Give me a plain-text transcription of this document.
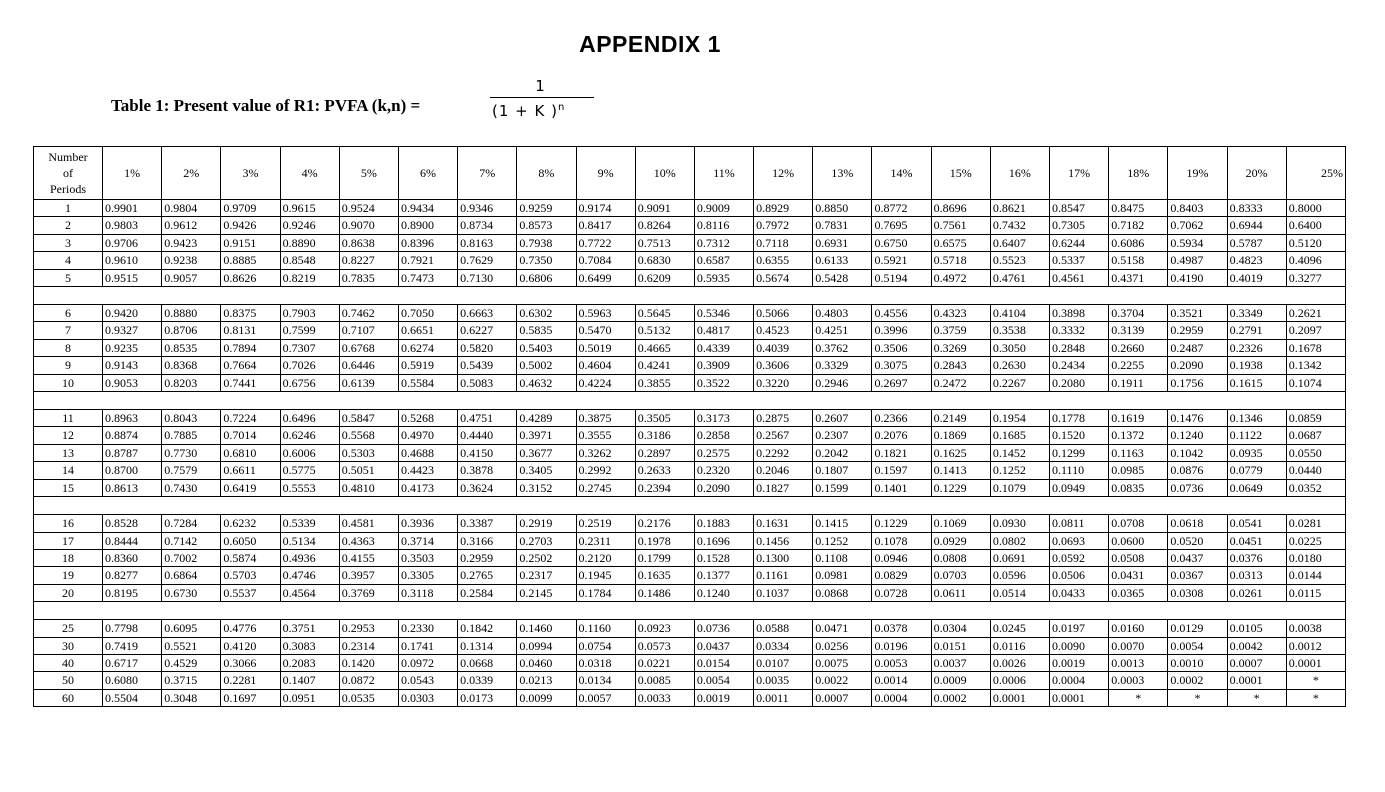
APPENDIX 1
Table 1: Present value of R1: PVFA (k,n) =
1
(1 + K )$^n$
Number
of
Periods	1%	2%	3%	4%	5%	6%	7%	8%	9%	10%	11%	12%	13%	14%	15%	16%	17%	18%	19%	20%	25%
1	0.9901	0.9804	0.9709	0.9615	0.9524	0.9434	0.9346	0.9259	0.9174	0.9091	0.9009	0.8929	0.8850	0.8772	0.8696	0.8621	0.8547	0.8475	0.8403	0.8333	0.8000
2	0.9803	0.9612	0.9426	0.9246	0.9070	0.8900	0.8734	0.8573	0.8417	0.8264	0.8116	0.7972	0.7831	0.7695	0.7561	0.7432	0.7305	0.7182	0.7062	0.6944	0.6400
3	0.9706	0.9423	0.9151	0.8890	0.8638	0.8396	0.8163	0.7938	0.7722	0.7513	0.7312	0.7118	0.6931	0.6750	0.6575	0.6407	0.6244	0.6086	0.5934	0.5787	0.5120
4	0.9610	0.9238	0.8885	0.8548	0.8227	0.7921	0.7629	0.7350	0.7084	0.6830	0.6587	0.6355	0.6133	0.5921	0.5718	0.5523	0.5337	0.5158	0.4987	0.4823	0.4096
5	0.9515	0.9057	0.8626	0.8219	0.7835	0.7473	0.7130	0.6806	0.6499	0.6209	0.5935	0.5674	0.5428	0.5194	0.4972	0.4761	0.4561	0.4371	0.4190	0.4019	0.3277

6	0.9420	0.8880	0.8375	0.7903	0.7462	0.7050	0.6663	0.6302	0.5963	0.5645	0.5346	0.5066	0.4803	0.4556	0.4323	0.4104	0.3898	0.3704	0.3521	0.3349	0.2621
7	0.9327	0.8706	0.8131	0.7599	0.7107	0.6651	0.6227	0.5835	0.5470	0.5132	0.4817	0.4523	0.4251	0.3996	0.3759	0.3538	0.3332	0.3139	0.2959	0.2791	0.2097
8	0.9235	0.8535	0.7894	0.7307	0.6768	0.6274	0.5820	0.5403	0.5019	0.4665	0.4339	0.4039	0.3762	0.3506	0.3269	0.3050	0.2848	0.2660	0.2487	0.2326	0.1678
9	0.9143	0.8368	0.7664	0.7026	0.6446	0.5919	0.5439	0.5002	0.4604	0.4241	0.3909	0.3606	0.3329	0.3075	0.2843	0.2630	0.2434	0.2255	0.2090	0.1938	0.1342
10	0.9053	0.8203	0.7441	0.6756	0.6139	0.5584	0.5083	0.4632	0.4224	0.3855	0.3522	0.3220	0.2946	0.2697	0.2472	0.2267	0.2080	0.1911	0.1756	0.1615	0.1074

11	0.8963	0.8043	0.7224	0.6496	0.5847	0.5268	0.4751	0.4289	0.3875	0.3505	0.3173	0.2875	0.2607	0.2366	0.2149	0.1954	0.1778	0.1619	0.1476	0.1346	0.0859
12	0.8874	0.7885	0.7014	0.6246	0.5568	0.4970	0.4440	0.3971	0.3555	0.3186	0.2858	0.2567	0.2307	0.2076	0.1869	0.1685	0.1520	0.1372	0.1240	0.1122	0.0687
13	0.8787	0.7730	0.6810	0.6006	0.5303	0.4688	0.4150	0.3677	0.3262	0.2897	0.2575	0.2292	0.2042	0.1821	0.1625	0.1452	0.1299	0.1163	0.1042	0.0935	0.0550
14	0.8700	0.7579	0.6611	0.5775	0.5051	0.4423	0.3878	0.3405	0.2992	0.2633	0.2320	0.2046	0.1807	0.1597	0.1413	0.1252	0.1110	0.0985	0.0876	0.0779	0.0440
15	0.8613	0.7430	0.6419	0.5553	0.4810	0.4173	0.3624	0.3152	0.2745	0.2394	0.2090	0.1827	0.1599	0.1401	0.1229	0.1079	0.0949	0.0835	0.0736	0.0649	0.0352

16	0.8528	0.7284	0.6232	0.5339	0.4581	0.3936	0.3387	0.2919	0.2519	0.2176	0.1883	0.1631	0.1415	0.1229	0.1069	0.0930	0.0811	0.0708	0.0618	0.0541	0.0281
17	0.8444	0.7142	0.6050	0.5134	0.4363	0.3714	0.3166	0.2703	0.2311	0.1978	0.1696	0.1456	0.1252	0.1078	0.0929	0.0802	0.0693	0.0600	0.0520	0.0451	0.0225
18	0.8360	0.7002	0.5874	0.4936	0.4155	0.3503	0.2959	0.2502	0.2120	0.1799	0.1528	0.1300	0.1108	0.0946	0.0808	0.0691	0.0592	0.0508	0.0437	0.0376	0.0180
19	0.8277	0.6864	0.5703	0.4746	0.3957	0.3305	0.2765	0.2317	0.1945	0.1635	0.1377	0.1161	0.0981	0.0829	0.0703	0.0596	0.0506	0.0431	0.0367	0.0313	0.0144
20	0.8195	0.6730	0.5537	0.4564	0.3769	0.3118	0.2584	0.2145	0.1784	0.1486	0.1240	0.1037	0.0868	0.0728	0.0611	0.0514	0.0433	0.0365	0.0308	0.0261	0.0115

25	0.7798	0.6095	0.4776	0.3751	0.2953	0.2330	0.1842	0.1460	0.1160	0.0923	0.0736	0.0588	0.0471	0.0378	0.0304	0.0245	0.0197	0.0160	0.0129	0.0105	0.0038
30	0.7419	0.5521	0.4120	0.3083	0.2314	0.1741	0.1314	0.0994	0.0754	0.0573	0.0437	0.0334	0.0256	0.0196	0.0151	0.0116	0.0090	0.0070	0.0054	0.0042	0.0012
40	0.6717	0.4529	0.3066	0.2083	0.1420	0.0972	0.0668	0.0460	0.0318	0.0221	0.0154	0.0107	0.0075	0.0053	0.0037	0.0026	0.0019	0.0013	0.0010	0.0007	0.0001
50	0.6080	0.3715	0.2281	0.1407	0.0872	0.0543	0.0339	0.0213	0.0134	0.0085	0.0054	0.0035	0.0022	0.0014	0.0009	0.0006	0.0004	0.0003	0.0002	0.0001	*
60	0.5504	0.3048	0.1697	0.0951	0.0535	0.0303	0.0173	0.0099	0.0057	0.0033	0.0019	0.0011	0.0007	0.0004	0.0002	0.0001	0.0001	*	*	*	*
